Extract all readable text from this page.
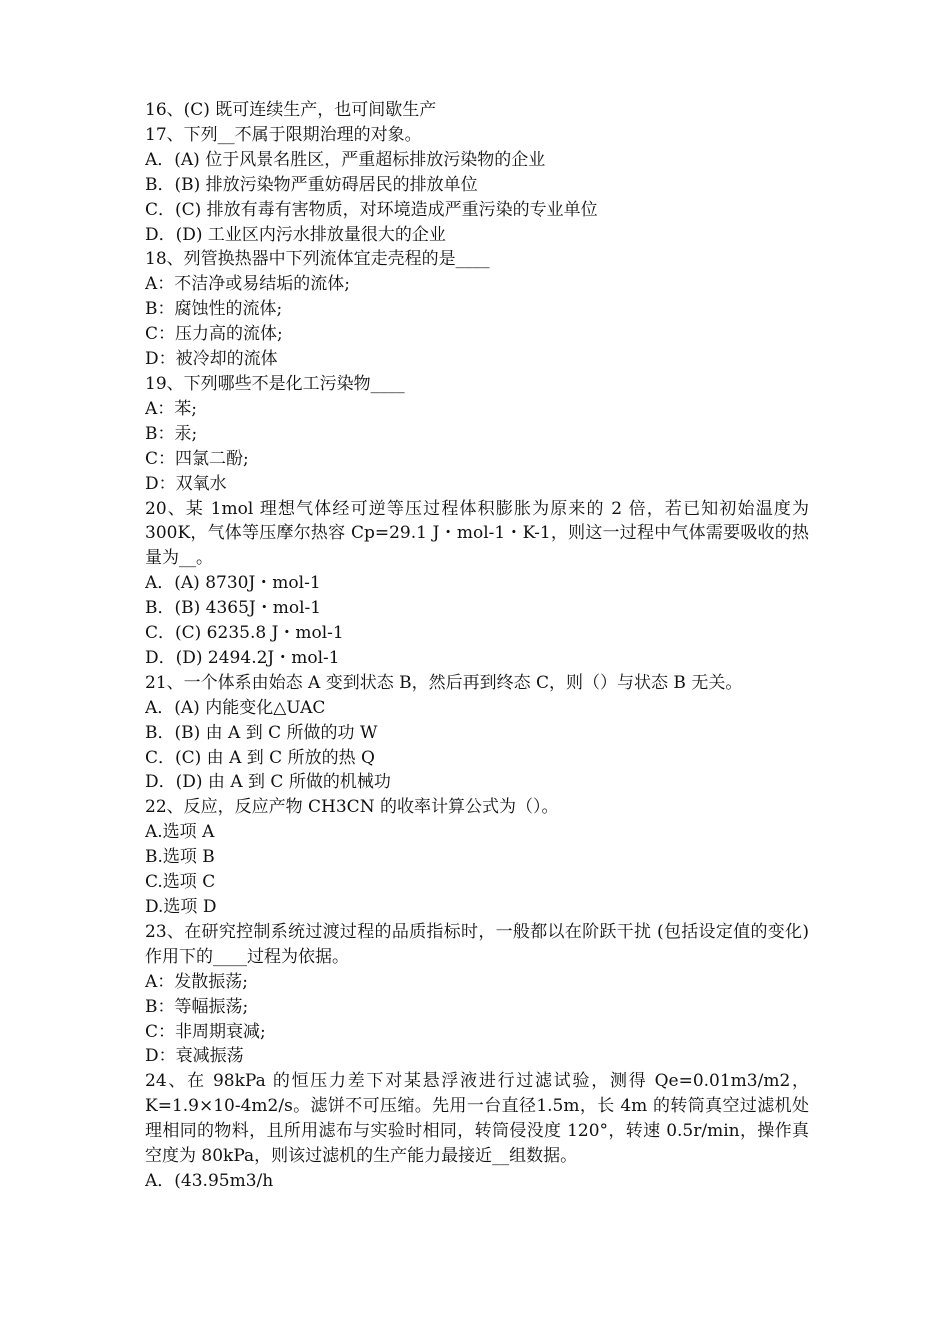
16、(C) 既可连续生产，也可间歇生产
17、下列__不属于限期治理的对象。
A．(A) 位于风景名胜区，严重超标排放污染物的企业
B．(B) 排放污染物严重妨碍居民的排放单位
C．(C) 排放有毒有害物质，对环境造成严重污染的专业单位
D．(D) 工业区内污水排放量很大的企业
18、列管换热器中下列流体宜走壳程的是____
A：不洁净或易结垢的流体;
B：腐蚀性的流体;
C：压力高的流体;
D：被冷却的流体
19、下列哪些不是化工污染物____
A：苯;
B：汞;
C：四氯二酚;
D：双氧水
20、某 1mol 理想气体经可逆等压过程体积膨胀为原来的 2 倍，若已知初始温度为 300K，气体等压摩尔热容 Cp=29.1 J・mol-1・K-1，则这一过程中气体需要吸收的热量为__。
A．(A) 8730J・mol-1
B．(B) 4365J・mol-1
C．(C) 6235.8 J・mol-1
D．(D) 2494.2J・mol-1
21、一个体系由始态 A 变到状态 B，然后再到终态 C，则（）与状态 B 无关。
A．(A) 内能变化△UAC
B．(B) 由 A 到 C 所做的功 W
C．(C) 由 A 到 C 所放的热 Q
D．(D) 由 A 到 C 所做的机械功
22、反应，反应产物 CH3CN 的收率计算公式为（）。
A.选项 A
B.选项 B
C.选项 C
D.选项 D
23、在研究控制系统过渡过程的品质指标时，一般都以在阶跃干扰 (包括设定值的变化)作用下的____过程为依据。
A：发散振荡;
B：等幅振荡;
C：非周期衰减;
D：衰减振荡
24、在 98kPa 的恒压力差下对某悬浮液进行过滤试验，测得 Qe=0.01m3/m2，K=1.9×10-4m2/s。滤饼不可压缩。先用一台直径1.5m，长 4m 的转筒真空过滤机处理相同的物料，且所用滤布与实验时相同，转筒侵没度 120°，转速 0.5r/min，操作真空度为 80kPa，则该过滤机的生产能力最接近__组数据。
A．(43.95m3/h
